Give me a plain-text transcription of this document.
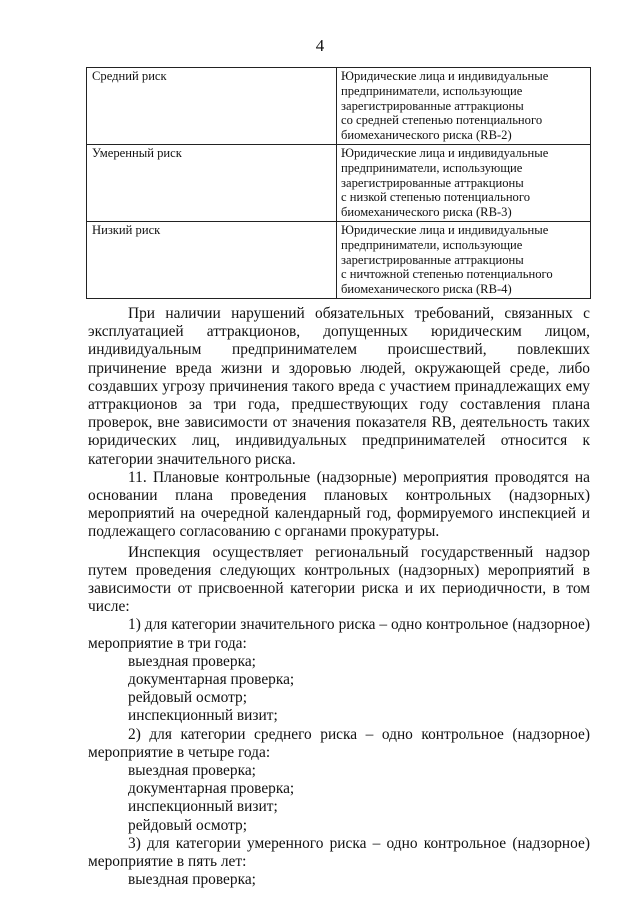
4
Средний риск	Юридические лица и индивидуальные
предприниматели, использующие
зарегистрированные аттракционы
со средней степенью потенциального
биомеханического риска (RB-2)

Умеренный риск	Юридические лица и индивидуальные
предприниматели, использующие
зарегистрированные аттракционы
с низкой степенью потенциального
биомеханического риска (RB-3)

Низкий риск	Юридические лица и индивидуальные
предприниматели, использующие
зарегистрированные аттракционы
с ничтожной степенью потенциального
биомеханического риска (RB-4)

При наличии нарушений обязательных требований, связанных с эксплуатацией аттракционов, допущенных юридическим лицом, индивидуальным предпринимателем происшествий, повлекших причинение вреда жизни и здоровью людей, окружающей среде, либо создавших угрозу причинения такого вреда с участием принадлежащих ему аттракционов за три года, предшествующих году составления плана проверок, вне зависимости от значения показателя RB, деятельность таких юридических лиц, индивидуальных предпринимателей относится к категории значительного риска.

11. Плановые контрольные (надзорные) мероприятия проводятся на основании плана проведения плановых контрольных (надзорных) мероприятий на очередной календарный год, формируемого инспекцией и подлежащего согласованию с органами прокуратуры.

Инспекция осуществляет региональный государственный надзор путем проведения следующих контрольных (надзорных) мероприятий в зависимости от присвоенной категории риска и их периодичности, в том числе:

1) для категории значительного риска – одно контрольное (надзорное) мероприятие в три года:

выездная проверка;

документарная проверка;

рейдовый осмотр;

инспекционный визит;

2) для категории среднего риска – одно контрольное (надзорное) мероприятие в четыре года:

выездная проверка;

документарная проверка;

инспекционный визит;

рейдовый осмотр;

3) для категории умеренного риска – одно контрольное (надзорное) мероприятие в пять лет:

выездная проверка;
